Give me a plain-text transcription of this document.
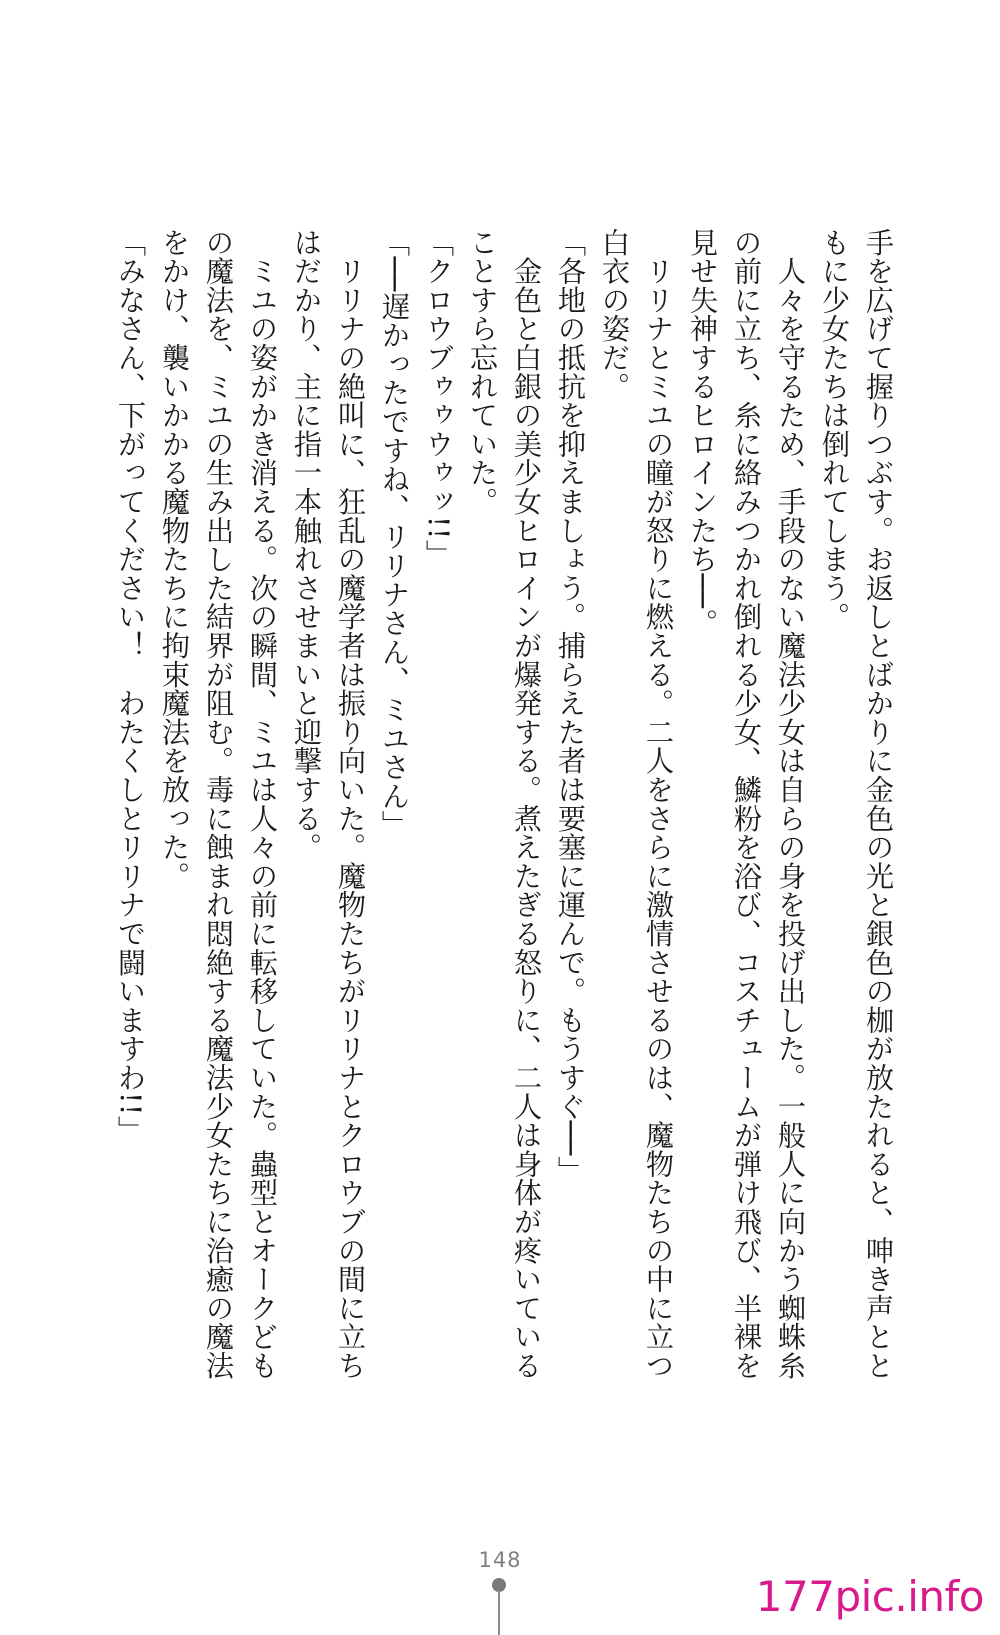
手を広げて握りつぶす。お返しとばかりに金色の光と銀色の枷が放たれると、呻き声とと
もに少女たちは倒れてしまう。
　人々を守るため、手段のない魔法少女は自らの身を投げ出した。一般人に向かう蜘蛛糸
の前に立ち、糸に絡みつかれ倒れる少女、鱗粉を浴び、コスチュームが弾け飛び、半裸を
見せ失神するヒロインたち──。
　リリナとミユの瞳が怒りに燃える。二人をさらに激情させるのは、魔物たちの中に立つ
白衣の姿だ。
「各地の抵抗を抑えましょう。捕らえた者は要塞に運んで。もうすぐ──」
　金色と白銀の美少女ヒロインが爆発する。煮えたぎる怒りに、二人は身体が疼いている
ことすら忘れていた。
「クロウブゥゥウゥッ!!」
「──遅かったですね、リリナさん、ミユさん」
　リリナの絶叫に、狂乱の魔学者は振り向いた。魔物たちがリリナとクロウブの間に立ち
はだかり、主に指一本触れさせまいと迎撃する。
　ミユの姿がかき消える。次の瞬間、ミユは人々の前に転移していた。蟲型とオークども
の魔法を、ミユの生み出した結界が阻む。毒に蝕まれ悶絶する魔法少女たちに治癒の魔法
をかけ、襲いかかる魔物たちに拘束魔法を放った。
「みなさん、下がってください！　わたくしとリリナで闘いますわ!!」
148
177pic.info
